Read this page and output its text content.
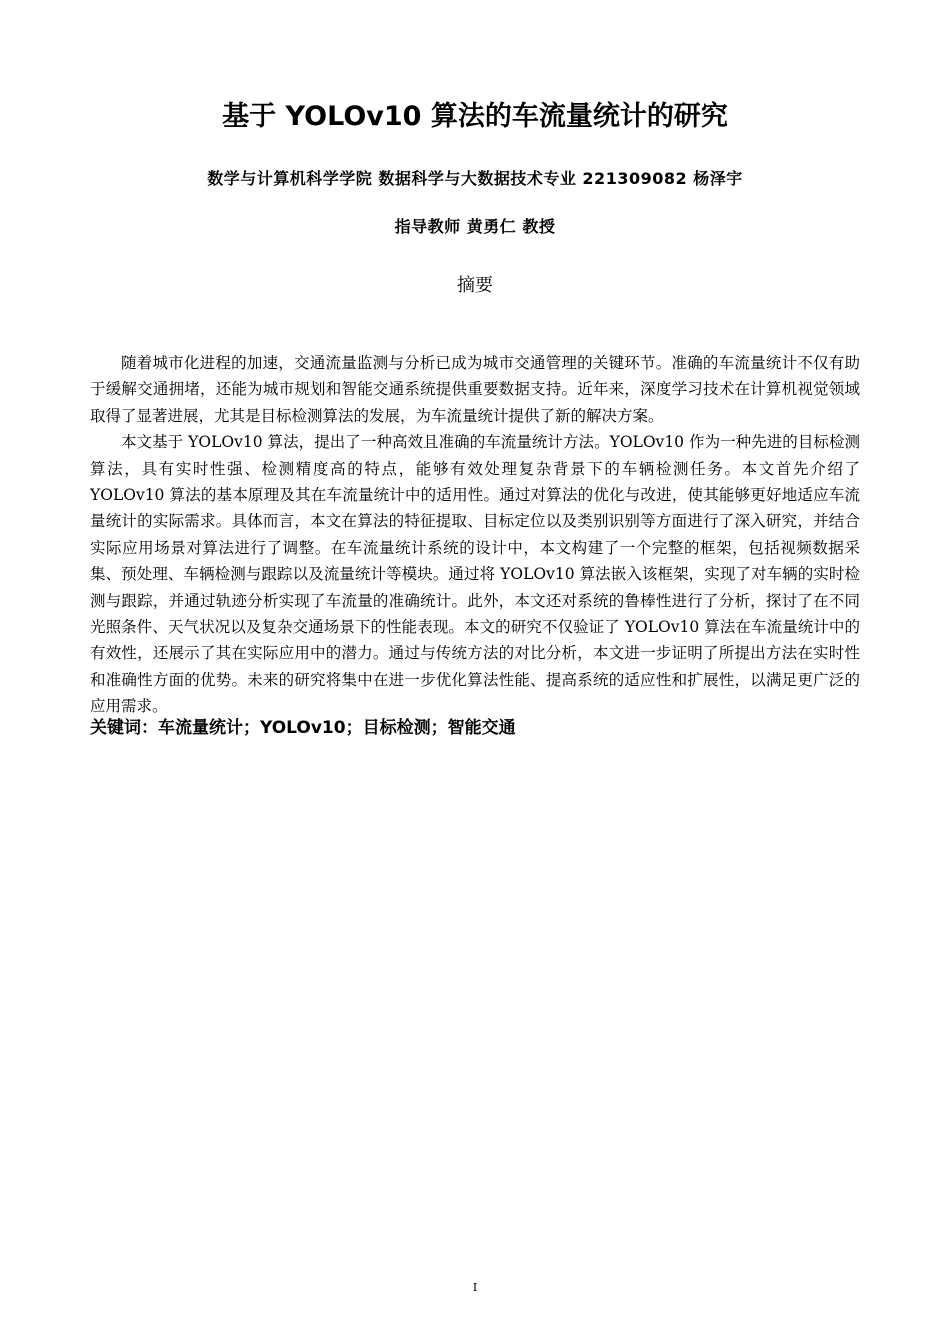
基于 YOLOv10 算法的车流量统计的研究
数学与计算机科学学院 数据科学与大数据技术专业 221309082 杨泽宇
指导教师 黄勇仁 教授
摘要

随着城市化进程的加速，交通流量监测与分析已成为城市交通管理的关键环节。准确的车流量统计不仅有助于缓解交通拥堵，还能为城市规划和智能交通系统提供重要数据支持。近年来，深度学习技术在计算机视觉领域取得了显著进展，尤其是目标检测算法的发展，为车流量统计提供了新的解决方案。

本文基于 YOLOv10 算法，提出了一种高效且准确的车流量统计方法。YOLOv10 作为一种先进的目标检测算法，具有实时性强、检测精度高的特点，能够有效处理复杂背景下的车辆检测任务。本文首先介绍了 YOLOv10 算法的基本原理及其在车流量统计中的适用性。通过对算法的优化与改进，使其能够更好地适应车流量统计的实际需求。具体而言，本文在算法的特征提取、目标定位以及类别识别等方面进行了深入研究，并结合实际应用场景对算法进行了调整。在车流量统计系统的设计中，本文构建了一个完整的框架，包括视频数据采集、预处理、车辆检测与跟踪以及流量统计等模块。通过将 YOLOv10 算法嵌入该框架，实现了对车辆的实时检测与跟踪，并通过轨迹分析实现了车流量的准确统计。此外，本文还对系统的鲁棒性进行了分析，探讨了在不同光照条件、天气状况以及复杂交通场景下的性能表现。本文的研究不仅验证了 YOLOv10 算法在车流量统计中的有效性，还展示了其在实际应用中的潜力。通过与传统方法的对比分析，本文进一步证明了所提出方法在实时性和准确性方面的优势。未来的研究将集中在进一步优化算法性能、提高系统的适应性和扩展性，以满足更广泛的应用需求。

关键词：车流量统计；YOLOv10；目标检测；智能交通
I
